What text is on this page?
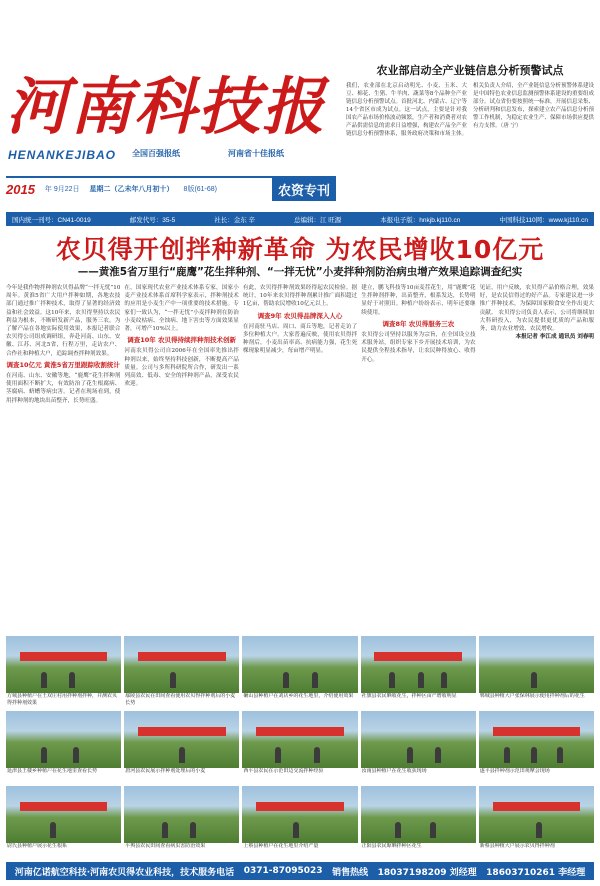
河南科技报
HENANKEJIBAO 全国百强报纸	河南省十佳报纸
2015 年 9月22日 星期二（乙未年八月初十） 8版(61-68)	农资专刊
农业部启动全产业链信息分析预警试点
我们，农业部在北京启动明光、小麦、玉米、大豆、棉花、生猪、牛羊肉、蔬菜等8个品种全产业链信息分析预警试点。首批河北、内蒙古、辽宁等14个省区市成为试点。这一试点，主要是针对我国农产品市场价格波动频繁，生产者和消费者对农产品供需信息的需求日益增强，构建农产品全产业链信息分析预警体系，服务政府决策和市场主体。
相关负责人介绍，全产业链信息分析预警体系建设是中国特色农业信息监测预警体系建设的重要组成部分。试点省份要按照统一标准，开展信息采集、分析研判和信息发布，探索建立农产品信息分析预警工作机制，为稳定农业生产、保障市场供应提供有力支撑。（唐 宁）
国内统一刊号：CN41-0019	邮发代号：35-5	社长：金东 辛	总编辑：江 旺源	本报电子版：hnkjb.kj110.cn	中国科技110网：www.kj110.cn
农贝得开创拌种新革命 为农民增收10亿元
——黄淮5省万里行“鹿鹰”花生拌种剂、“一拌无忧”小麦拌种剂防治病虫增产效果追踪调查纪实
今年是我作物拌种剂农贝得品牌“一拌无忧”10周年。黄淮5省广大用户拌种如期，各地农技部门通过推广拌种技术，取得了显著的经济效益和社会效益。这10年来，农贝得坚持以农民利益为根本，不断研发新产品，服务三农。为了解产品在各地实际使用效果，本报记者联合农贝得公司组成调研组，奔赴河南、山东、安徽、江苏、河北5省，行程万里，走访农户、合作社和种植大户，追踪调查拌种剂效果。
调查10亿元 黄淮5省万里跟踪收割统计
在河南、山东、安徽等地，“鹿鹰”花生拌种剂使用面积不断扩大，有效防治了花生根腐病、茎腐病、蛴螬等病虫害。记者在现场看到，使用拌种剂的地块出苗整齐，长势旺盛。
在，国家现代农业产业技术体系专家，国家小麦产业技术体系首席科学家表示，拌种剂技术的应用是小麦生产中一项重要的技术措施。专家们一致认为，“一拌无忧”小麦拌种剂在防治小麦纹枯病、全蚀病、地下害虫等方面效果显著，可增产10%以上。
调查10年 农贝得持续拌种剂技术创新
河南农贝得公司自2006年在全国率先推出拌种剂以来，始终坚持科技创新，不断提高产品质量。公司与多所科研院所合作，研发出一系列高效、低毒、安全的拌种剂产品，深受农民欢迎。
有此，农贝得拌种剂效果经得起农民检验。据统计，10年来农贝得拌种剂累计推广面积超过1亿亩，帮助农民增收10亿元以上。
调查9年 农贝得品牌深入人心
在河南驻马店、周口、商丘等地，记者走访了多位种植大户。大家普遍反映，使用农贝得拌种剂后，小麦出苗率高、抗病能力强，花生死棵现象明显减少，每亩增产明显。
建立，鹏飞科技等10亩麦茬花生，用“鹿鹰”花生拌种剂拌种，出苗整齐，根系发达，长势明显好于对照田。种植户纷纷表示，明年还要继续使用。
调查8年 农贝得服务三农
农贝得公司坚持以服务为宗旨，在全国设立技术服务站，组织专家下乡开展技术培训，为农民提供全程技术指导，让农民种得放心、收得开心。
见证，用户反映，农贝得产品价格合理，效果好，是农民信得过的好产品。专家建议进一步推广拌种技术，为保障国家粮食安全作出更大贡献。 农贝得公司负责人表示，公司将继续加大科研投入，为农民提供更优质的产品和服务，助力农业增效、农民增收。
本报记者 李江成 通讯员 刘春明
方城县种植户在王双庄村用拌种剂拌种，并测农贝得拌种剂效果
鄢陵县农民在田间查看使用农贝得拌种剂后的小麦长势
确山县种植户在刘店乡的花生地里，介绍使用效果	社旗县农民晒收花生，拌种区亩产增收明显	郸城县种植大户张保林展示使用拌种剂后的花生
延津县王楼乡种植户在花生地里查看长势	唐河县农民展示拌种剂处理后的小麦	西平县农民在示范田边交流拌种经验	汝南县种植户在花生收获现场	遂平县拌种剂示范田观摩会现场
尉氏县种植户展示花生根系	平舆县农民田间查看病虫害防治效果	上蔡县种植户在花生地里介绍产量	正阳县农民晾晒拌种区花生	新蔡县种植大户展示农贝得拌种剂
河南亿诺航空科技·河南农贝得农业科技，技术服务电话 0371-87095023 销售热线 18037198209 刘经理 18603710261 李经理
